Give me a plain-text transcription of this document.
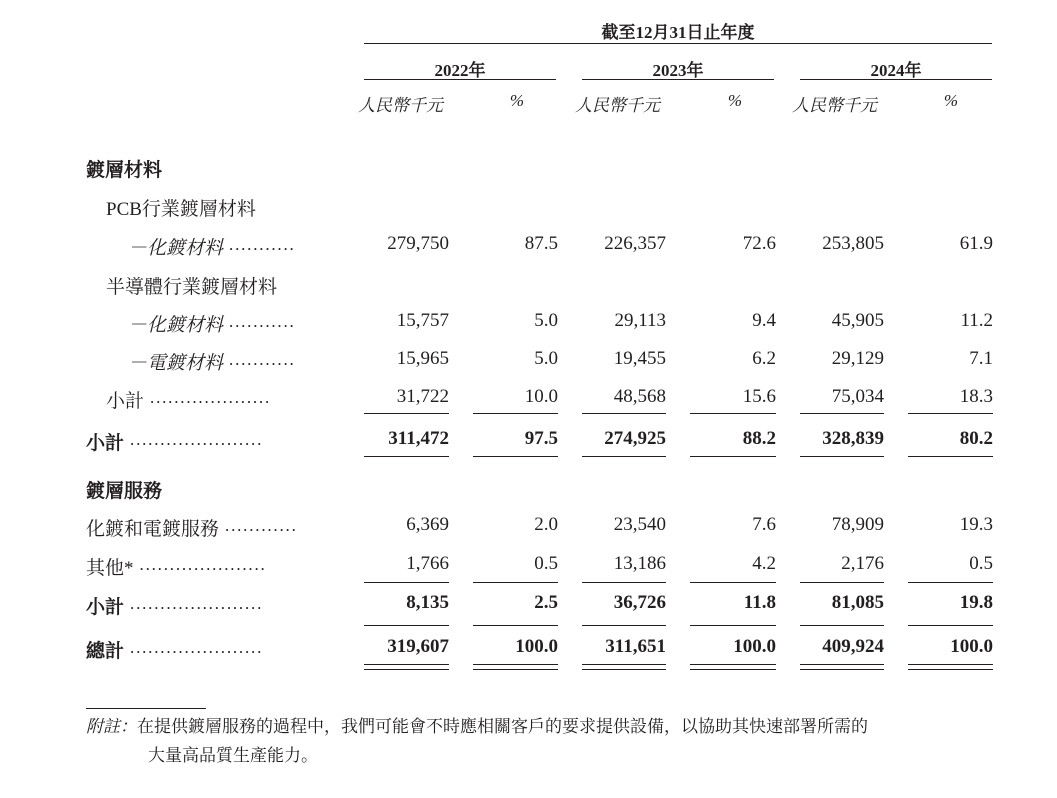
截至12月31日止年度
2022年	2023年	2024年
人民幣千元	%	人民幣千元	%	人民幣千元	%
鍍層材料
PCB行業鍍層材料
－化鍍材料 ...........	279,750	87.5 226,357	72.6 253,805	61.9
半導體行業鍍層材料
－化鍍材料 ...........	15,757	5.0	29,113	9.4	45,905	11.2
－電鍍材料 ...........	15,965	5.0	19,455	6.2	29,129	7.1
小計 ....................	31,722	10.0	48,568	15.6	75,034	18.3
小計 ......................	311,472	97.5 274,925	88.2 328,839	80.2
鍍層服務
化鍍和電鍍服務 ............	6,369	2.0	23,540	7.6	78,909	19.3
其他* .....................	1,766	0.5	13,186	4.2	2,176	0.5
小計 ......................	8,135	2.5	36,726	11.8	81,085	19.8
總計 ......................	319,607	100.0 311,651	100.0 409,924	100.0
附註：在提供鍍層服務的過程中，我們可能會不時應相關客戶的要求提供設備，以協助其快速部署所需的
大量高品質生產能力。
